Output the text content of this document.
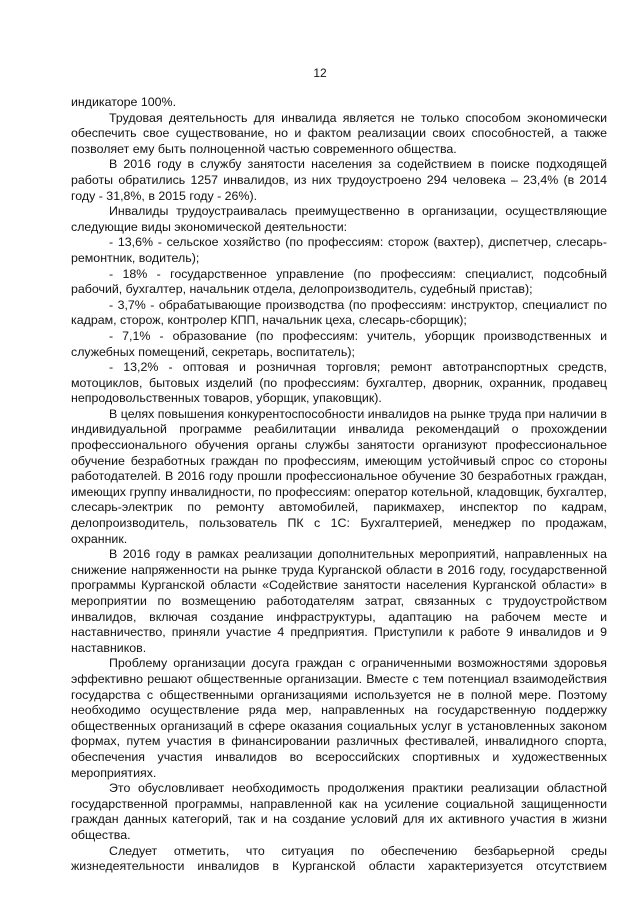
12

индикаторе 100%.

Трудовая деятельность для инвалида является не только способом экономически обеспечить свое существование, но и фактом реализации своих способностей, а также позволяет ему быть полноценной частью современного общества.

В 2016 году в службу занятости населения за содействием в поиске подходящей работы обратились 1257 инвалидов, из них трудоустроено 294 человека – 23,4% (в 2014 году - 31,8%, в 2015 году - 26%).

Инвалиды трудоустраивалась преимущественно в организации, осуществляющие следующие виды экономической деятельности:

- 13,6% - сельское хозяйство (по профессиям: сторож (вахтер), диспетчер, слесарь-ремонтник, водитель);

- 18% - государственное управление (по профессиям: специалист, подсобный рабочий, бухгалтер, начальник отдела, делопроизводитель, судебный пристав);

- 3,7% - обрабатывающие производства (по профессиям: инструктор, специалист по кадрам, сторож, контролер КПП, начальник цеха, слесарь-сборщик);

- 7,1% - образование (по профессиям: учитель, уборщик производственных и служебных помещений, секретарь, воспитатель);

- 13,2% - оптовая и розничная торговля; ремонт автотранспортных средств, мотоциклов, бытовых изделий (по профессиям: бухгалтер, дворник, охранник, продавец непродовольственных товаров, уборщик, упаковщик).

В целях повышения конкурентоспособности инвалидов на рынке труда при наличии в индивидуальной программе реабилитации инвалида рекомендаций о прохождении профессионального обучения органы службы занятости организуют профессиональное обучение безработных граждан по профессиям, имеющим устойчивый спрос со стороны работодателей. В 2016 году прошли профессиональное обучение 30 безработных граждан, имеющих группу инвалидности, по профессиям: оператор котельной, кладовщик, бухгалтер, слесарь-электрик по ремонту автомобилей, парикмахер, инспектор по кадрам, делопроизводитель, пользователь ПК с 1С: Бухгалтерией, менеджер по продажам, охранник.

В 2016 году в рамках реализации дополнительных мероприятий, направленных на снижение напряженности на рынке труда Курганской области в 2016 году, государственной программы Курганской области «Содействие занятости населения Курганской области» в мероприятии по возмещению работодателям затрат, связанных с трудоустройством инвалидов, включая создание инфраструктуры, адаптацию на рабочем месте и наставничество, приняли участие 4 предприятия. Приступили к работе 9 инвалидов и 9 наставников.

Проблему организации досуга граждан с ограниченными возможностями здоровья эффективно решают общественные организации. Вместе с тем потенциал взаимодействия государства с общественными организациями используется не в полной мере. Поэтому необходимо осуществление ряда мер, направленных на государственную поддержку общественных организаций в сфере оказания социальных услуг в установленных законом формах, путем участия в финансировании различных фестивалей, инвалидного спорта, обеспечения участия инвалидов во всероссийских спортивных и художественных мероприятиях.

Это обусловливает необходимость продолжения практики реализации областной государственной программы, направленной как на усиление социальной защищенности граждан данных категорий, так и на создание условий для их активного участия в жизни общества.

Следует отметить, что ситуация по обеспечению безбарьерной среды жизнедеятельности инвалидов в Курганской области характеризуется отсутствием
